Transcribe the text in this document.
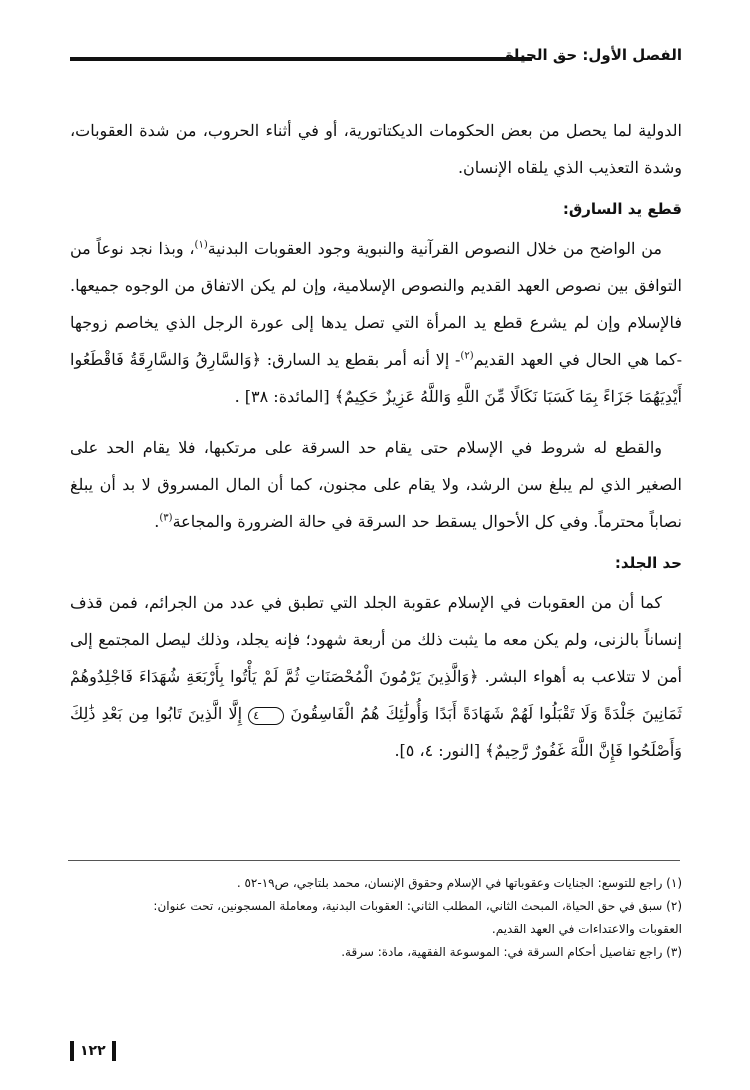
الفصل الأول: حق الحياة

الدولية لما يحصل من بعض الحكومات الديكتاتورية، أو في أثناء الحروب، من شدة العقوبات، وشدة التعذيب الذي يلقاه الإنسان.

قطع يد السارق:

من الواضح من خلال النصوص القرآنية والنبوية وجود العقوبات البدنية$^{(١)}$، وبذا نجد نوعاً من التوافق بين نصوص العهد القديم والنصوص الإسلامية، وإن لم يكن الاتفاق من الوجوه جميعها. فالإسلام وإن لم يشرع قطع يد المرأة التي تصل يدها إلى عورة الرجل الذي يخاصم زوجها -كما هي الحال في العهد القديم$^{(٢)}$- إلا أنه أمر بقطع يد السارق: ﴿وَالسَّارِقُ وَالسَّارِقَةُ فَاقْطَعُوا أَيْدِيَهُمَا جَزَاءً بِمَا كَسَبَا نَكَالًا مِّنَ اللَّهِ وَاللَّهُ عَزِيزٌ حَكِيمٌ﴾ [المائدة: ٣٨] .

والقطع له شروط في الإسلام حتى يقام حد السرقة على مرتكبها، فلا يقام الحد على الصغير الذي لم يبلغ سن الرشد، ولا يقام على مجنون، كما أن المال المسروق لا بد أن يبلغ نصاباً محترماً. وفي كل الأحوال يسقط حد السرقة في حالة الضرورة والمجاعة$^{(٣)}$.

حد الجلد:

كما أن من العقوبات في الإسلام عقوبة الجلد التي تطبق في عدد من الجرائم، فمن قذف إنساناً بالزنى، ولم يكن معه ما يثبت ذلك من أربعة شهود؛ فإنه يجلد، وذلك ليصل المجتمع إلى أمن لا تتلاعب به أهواء البشر. ﴿وَالَّذِينَ يَرْمُونَ الْمُحْصَنَاتِ ثُمَّ لَمْ يَأْتُوا بِأَرْبَعَةِ شُهَدَاءَ فَاجْلِدُوهُمْ ثَمَانِينَ جَلْدَةً وَلَا تَقْبَلُوا لَهُمْ شَهَادَةً أَبَدًا وَأُولَٰئِكَ هُمُ الْفَاسِقُونَ ٤ إِلَّا الَّذِينَ تَابُوا مِن بَعْدِ ذَٰلِكَ وَأَصْلَحُوا فَإِنَّ اللَّهَ غَفُورٌ رَّحِيمٌ﴾ [النور: ٤، ٥].

(١) راجع للتوسع: الجنايات وعقوباتها في الإسلام وحقوق الإنسان، محمد بلتاجي، ص١٩-٥٢ .

(٢) سبق في حق الحياة، المبحث الثاني، المطلب الثاني: العقوبات البدنية، ومعاملة المسجونين، تحت عنوان:

العقوبات والاعتداءات في العهد القديم.

(٣) راجع تفاصيل أحكام السرقة في: الموسوعة الفقهية، مادة: سرقة.

١٢٢
